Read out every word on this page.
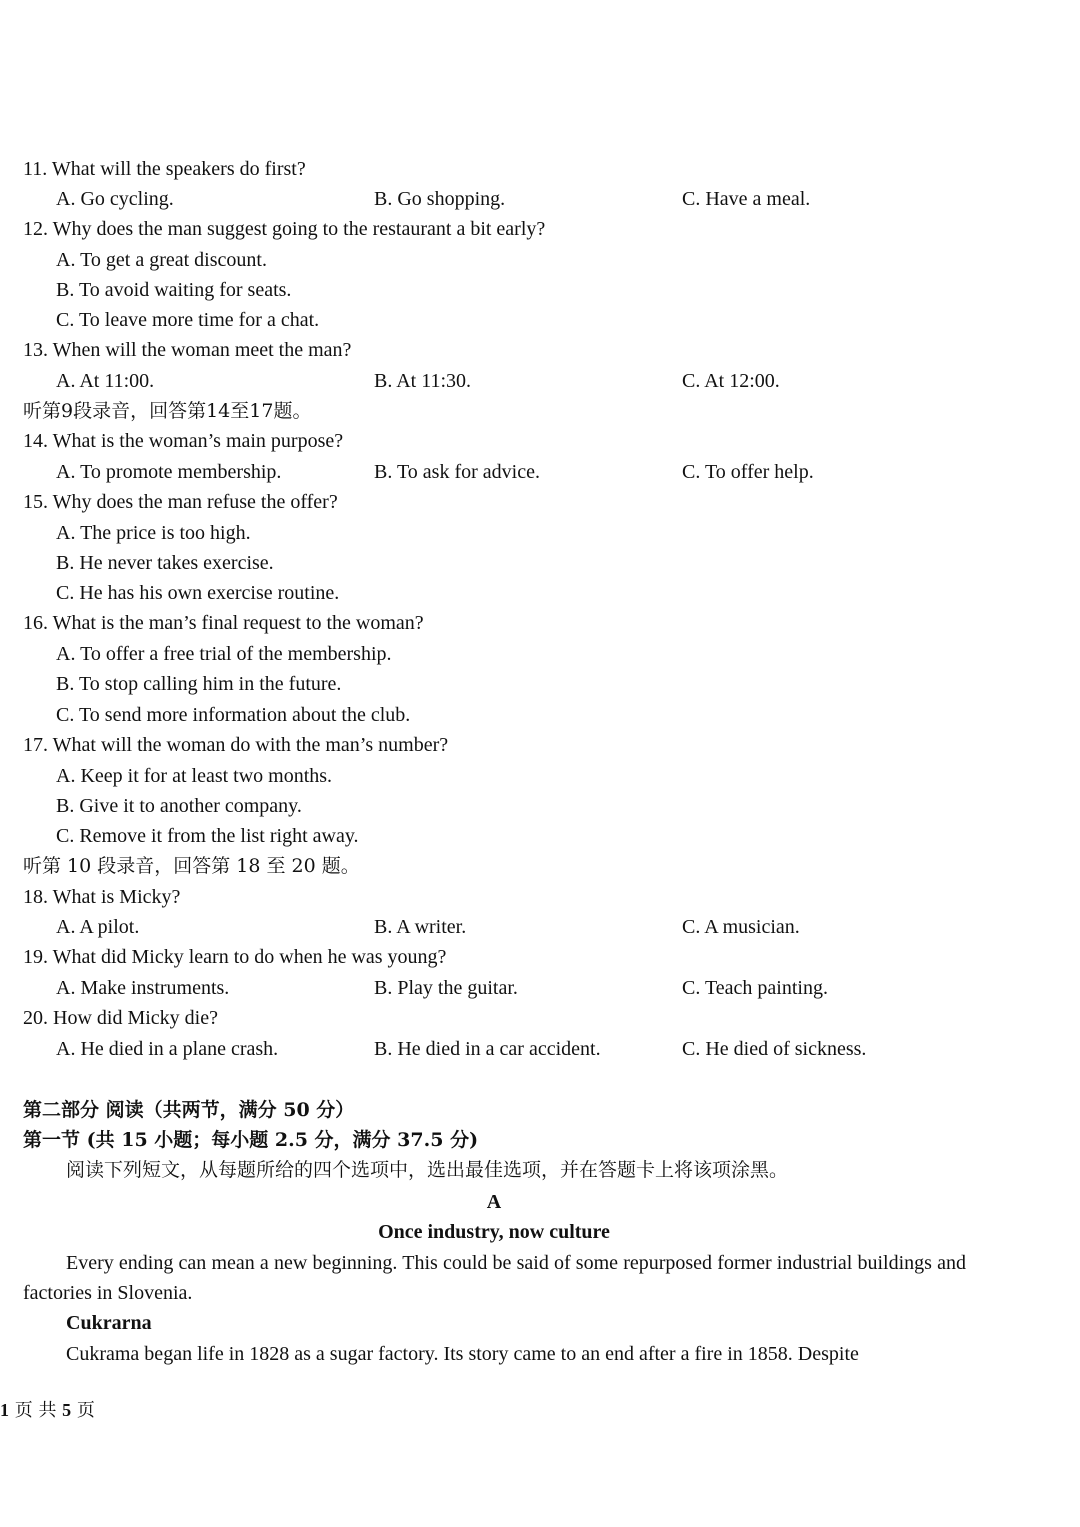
11. What will the speakers do first?
A. Go cycling.	B. Go shopping.	C. Have a meal.
12. Why does the man suggest going to the restaurant a bit early?
A. To get a great discount.
B. To avoid waiting for seats.
C. To leave more time for a chat.
13. When will the woman meet the man?
A. At 11:00.	B. At 11:30.	C. At 12:00.
听第9段录音，回答第14至17题。
14. What is the woman’s main purpose?
A. To promote membership.	B. To ask for advice.	C. To offer help.
15. Why does the man refuse the offer?
A. The price is too high.
B. He never takes exercise.
C. He has his own exercise routine.
16. What is the man’s final request to the woman?
A. To offer a free trial of the membership.
B. To stop calling him in the future.
C. To send more information about the club.
17. What will the woman do with the man’s number?
A. Keep it for at least two months.
B. Give it to another company.
C. Remove it from the list right away.
听第 10 段录音，回答第 18 至 20 题。
18. What is Micky?
A. A pilot.	B. A writer.	C. A musician.
19. What did Micky learn to do when he was young?
A. Make instruments.	B. Play the guitar.	C. Teach painting.
20. How did Micky die?
A. He died in a plane crash.	B. He died in a car accident.	C. He died of sickness.
第二部分 阅读（共两节，满分 50 分）
第一节 (共 15 小题；每小题 2.5 分，满分 37.5 分)
阅读下列短文，从每题所给的四个选项中，选出最佳选项，并在答题卡上将该项涂黑。
A
Once industry, now culture
Every ending can mean a new beginning. This could be said of some repurposed former industrial buildings and factories in Slovenia.
Cukrarna
Cukrama began life in 1828 as a sugar factory. Its story came to an end after a fire in 1858. Despite
1 页 共 5 页
